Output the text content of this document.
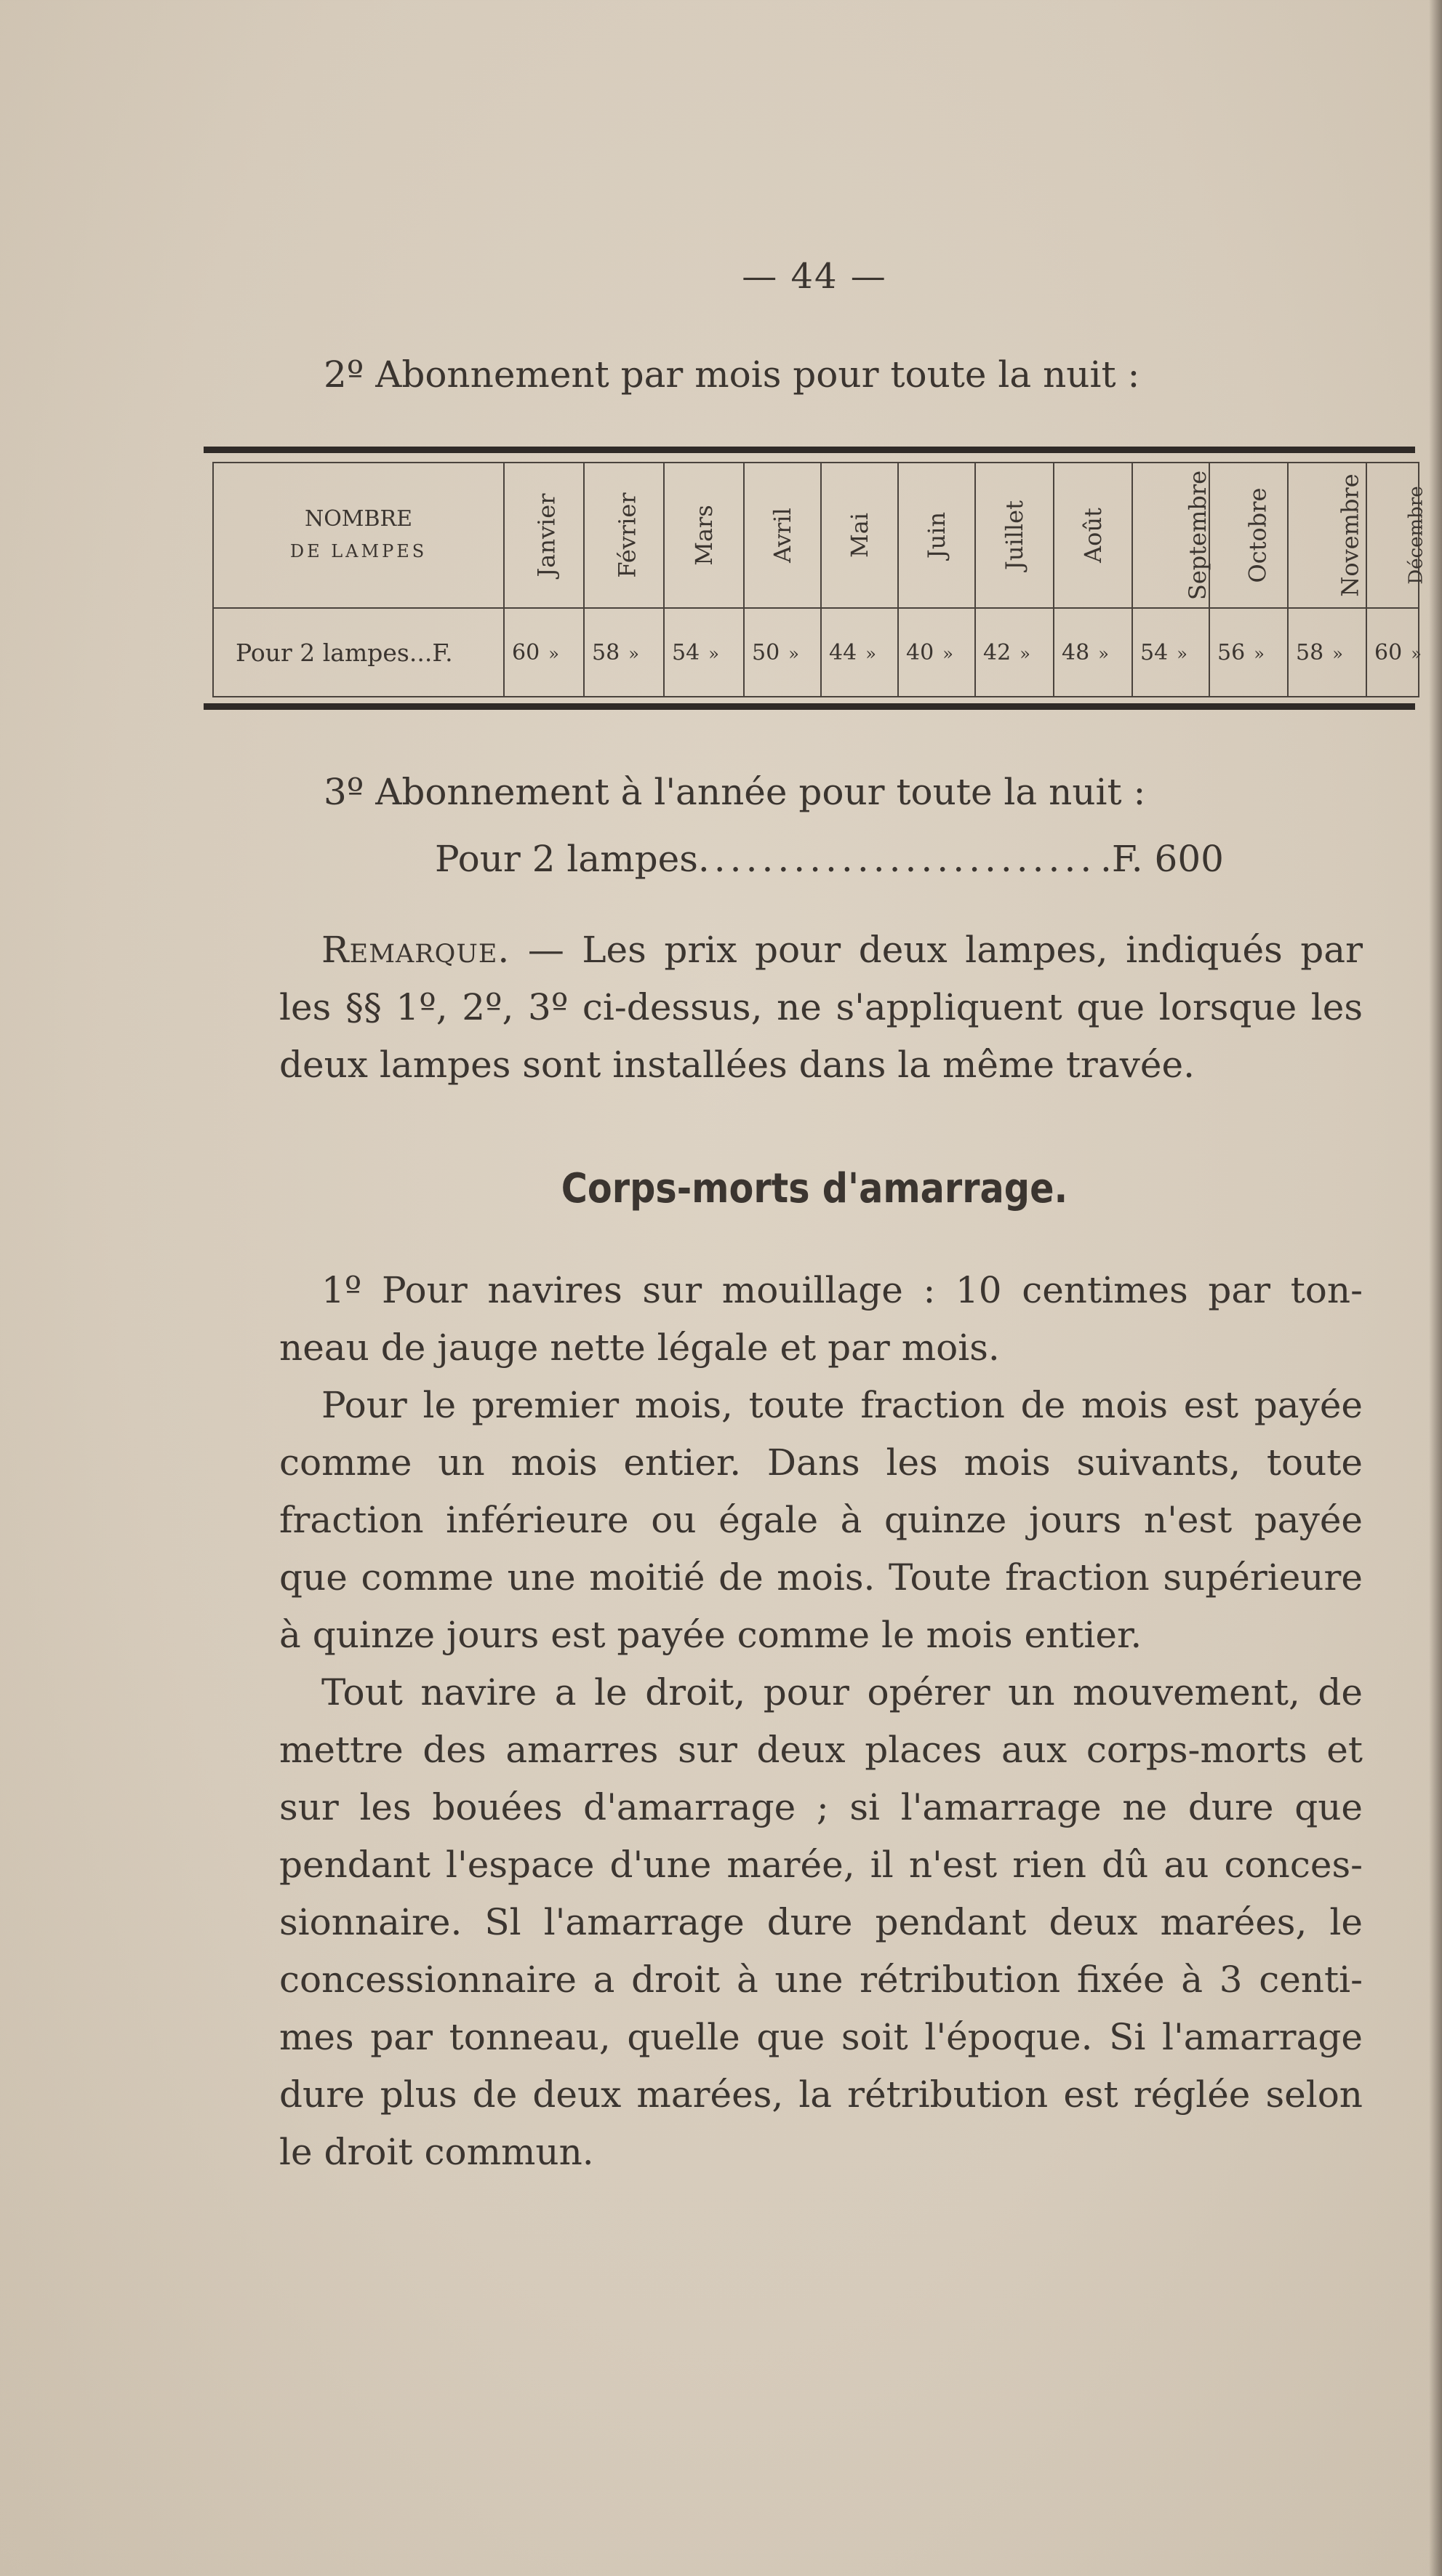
— 44 —
2º Abonnement par mois pour toute la nuit :
NOMBRE
DE LAMPES	Janvier	Février	Mars	Avril	Mai	Juin	Juillet	Août	Septembre	Octobre	Novembre	Décembre
Pour 2 lampes...F.	60 »	58 »	54 »	50 »	44 »	40 »	42 »	48 »	54 »	56 »	58 »	60 »
3º Abonnement à l'année pour toute la nuit :
Pour 2 lampes .....	.F. 600
Remarque. — Les prix pour deux lampes, indiqués par
les §§ 1º, 2º, 3º ci-dessus, ne s'appliquent que lorsque les
deux lampes sont installées dans la même travée.
Corps-morts d'amarrage.
1º Pour navires sur mouillage : 10 centimes par ton-
neau de jauge nette légale et par mois.
Pour le premier mois, toute fraction de mois est payée
comme un mois entier. Dans les mois suivants, toute
fraction inférieure ou égale à quinze jours n'est payée
que comme une moitié de mois. Toute fraction supérieure
à quinze jours est payée comme le mois entier.
Tout navire a le droit, pour opérer un mouvement, de
mettre des amarres sur deux places aux corps-morts et
sur les bouées d'amarrage ; si l'amarrage ne dure que
pendant l'espace d'une marée, il n'est rien dû au conces-
sionnaire. Sl l'amarrage dure pendant deux marées, le
concessionnaire a droit à une rétribution fixée à 3 centi-
mes par tonneau, quelle que soit l'époque. Si l'amarrage
dure plus de deux marées, la rétribution est réglée selon
le droit commun.
